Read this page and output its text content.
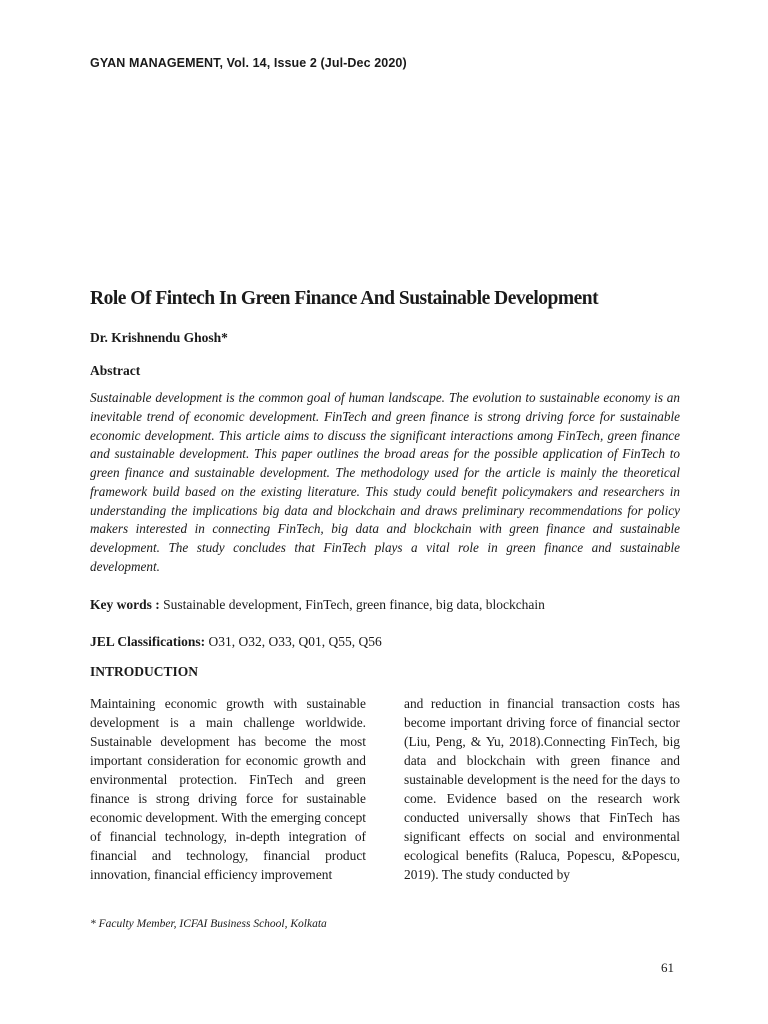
GYAN MANAGEMENT, Vol. 14, Issue 2 (Jul-Dec 2020)
Role Of Fintech In Green Finance And Sustainable Development
Dr. Krishnendu Ghosh*
Abstract

Sustainable development is the common goal of human landscape. The evolution to sustainable economy is an inevitable trend of economic development. FinTech and green finance is strong driving force for sustainable economic development. This article aims to discuss the significant interactions among FinTech, green finance and sustainable development. This paper outlines the broad areas for the possible application of FinTech to green finance and sustainable development. The methodology used for the article is mainly the theoretical framework build based on the existing literature. This study could benefit policymakers and researchers in understanding the implications big data and blockchain and draws preliminary recommendations for policy makers interested in connecting FinTech, big data and blockchain with green finance and sustainable development. The study concludes that FinTech plays a vital role in green finance and sustainable development.

Key words : Sustainable development, FinTech, green finance, big data, blockchain
JEL Classifications: O31, O32, O33, Q01, Q55, Q56
INTRODUCTION

Maintaining economic growth with sustainable development is a main challenge worldwide. Sustainable development has become the most important consideration for economic growth and environmental protection. FinTech and green finance is strong driving force for sustainable economic development. With the emerging concept of financial technology, in-depth integration of financial and technology, financial product innovation, financial efficiency improvement

and reduction in financial transaction costs has become important driving force of financial sector (Liu, Peng, & Yu, 2018).Connecting FinTech, big data and blockchain with green finance and sustainable development is the need for the days to come. Evidence based on the research work conducted universally shows that FinTech has significant effects on social and environmental ecological benefits (Raluca, Popescu, &Popescu, 2019). The study conducted by

* Faculty Member, ICFAI Business School, Kolkata
61
